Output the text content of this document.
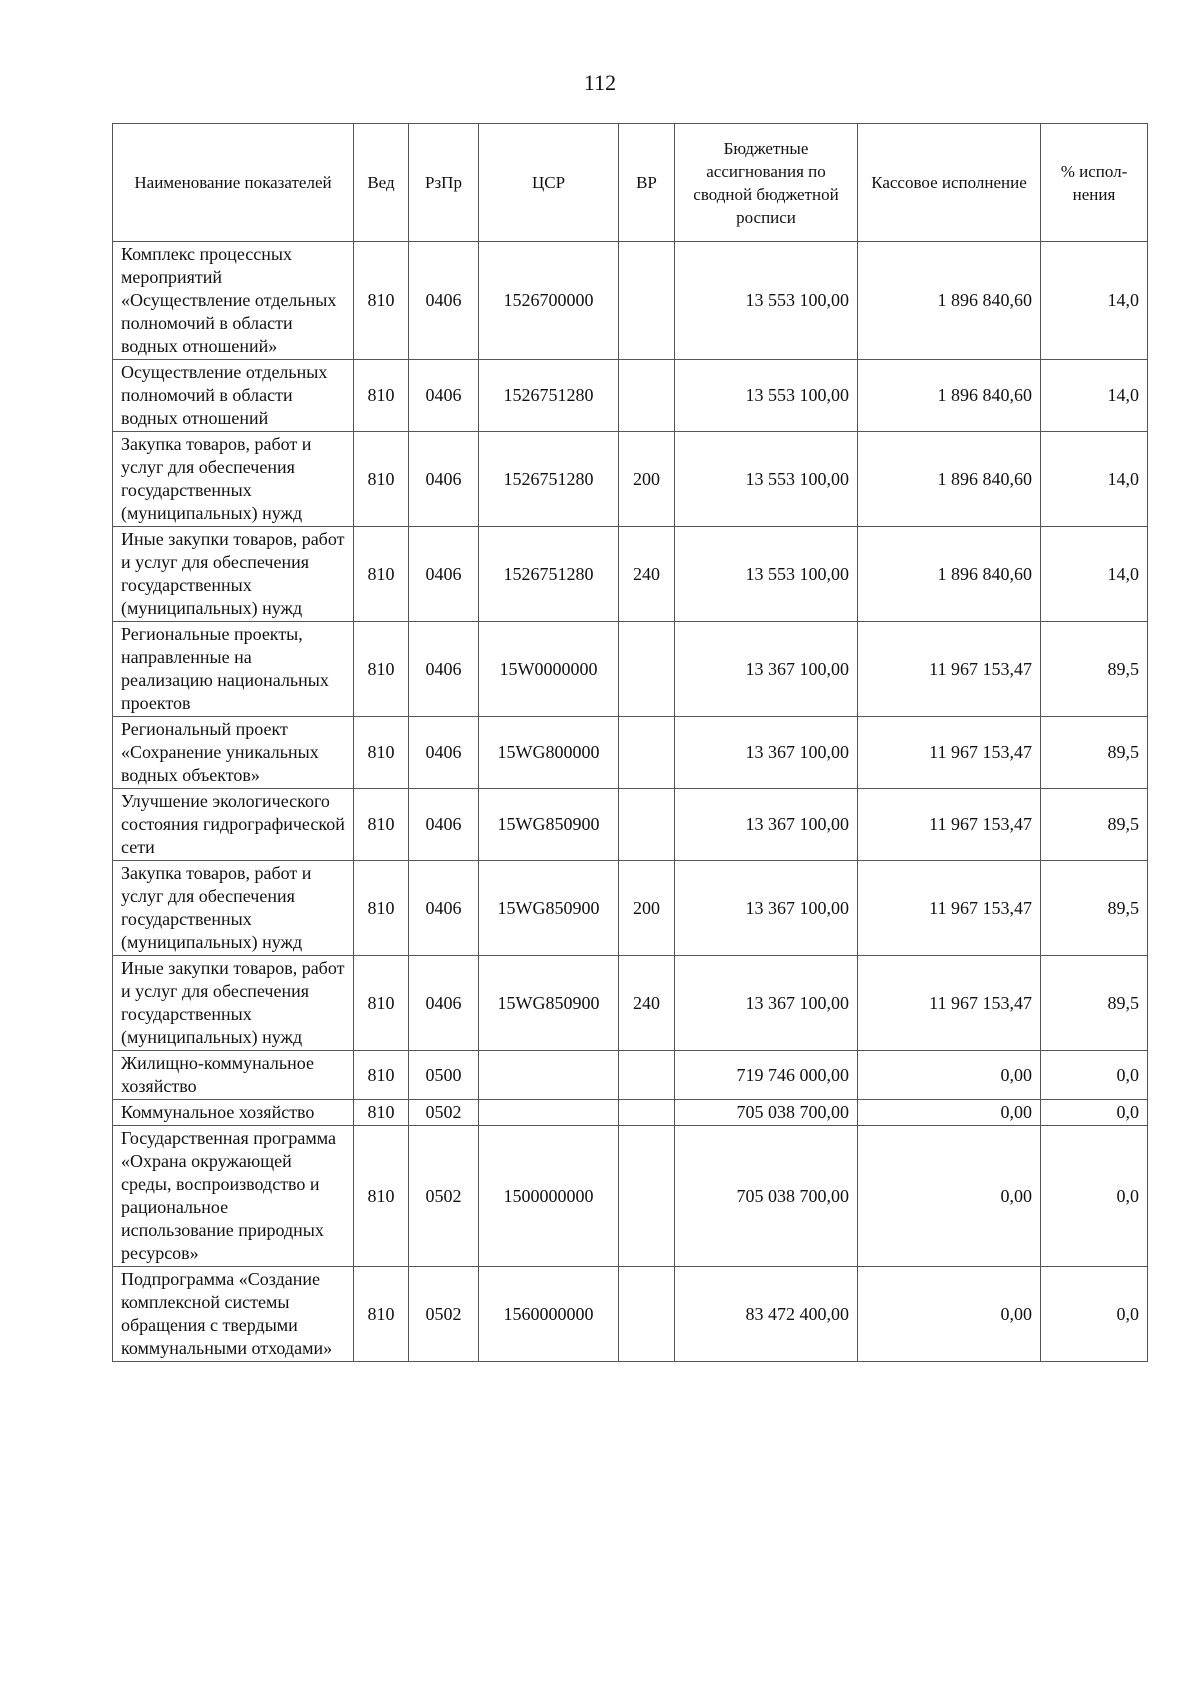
112
Наименование показателей	Вед	РзПр	ЦСР	ВР	Бюджетные ассигнования по сводной бюджетной росписи	Кассовое исполнение	% испол-нения
Комплекс процессных мероприятий «Осуществление отдельных полномочий в области водных отношений»	810	0406	1526700000		13 553 100,00	1 896 840,60	14,0
Осуществление отдельных полномочий в области водных отношений	810	0406	1526751280		13 553 100,00	1 896 840,60	14,0
Закупка товаров, работ и услуг для обеспечения государственных (муниципальных) нужд	810	0406	1526751280	200	13 553 100,00	1 896 840,60	14,0
Иные закупки товаров, работ и услуг для обеспечения государственных (муниципальных) нужд	810	0406	1526751280	240	13 553 100,00	1 896 840,60	14,0
Региональные проекты, направленные на реализацию национальных проектов	810	0406	15W0000000		13 367 100,00	11 967 153,47	89,5
Региональный проект «Сохранение уникальных водных объектов»	810	0406	15WG800000		13 367 100,00	11 967 153,47	89,5
Улучшение экологического состояния гидрографической сети	810	0406	15WG850900		13 367 100,00	11 967 153,47	89,5
Закупка товаров, работ и услуг для обеспечения государственных (муниципальных) нужд	810	0406	15WG850900	200	13 367 100,00	11 967 153,47	89,5
Иные закупки товаров, работ и услуг для обеспечения государственных (муниципальных) нужд	810	0406	15WG850900	240	13 367 100,00	11 967 153,47	89,5
Жилищно-коммунальное хозяйство	810	0500			719 746 000,00	0,00	0,0
Коммунальное хозяйство	810	0502			705 038 700,00	0,00	0,0
Государственная программа «Охрана окружающей среды, воспроизводство и рациональное использование природных ресурсов»	810	0502	1500000000		705 038 700,00	0,00	0,0
Подпрограмма «Создание комплексной системы обращения с твердыми коммунальными отходами»	810	0502	1560000000		83 472 400,00	0,00	0,0
